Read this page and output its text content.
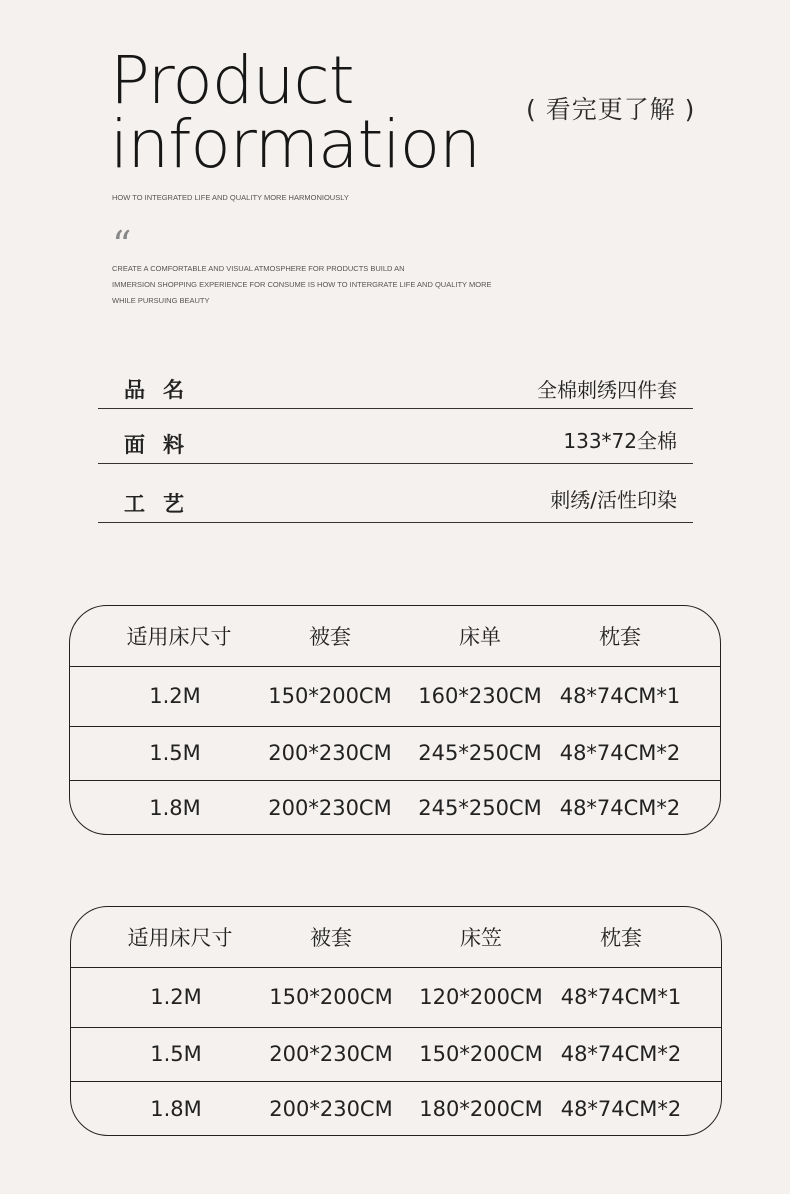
Product
information ( 看完更了解 )
HOW TO INTEGRATED LIFE AND QUALITY MORE HARMONIOUSLY
“
CREATE A COMFORTABLE AND VISUAL ATMOSPHERE FOR PRODUCTS BUILD AN
IMMERSION SHOPPING EXPERIENCE FOR CONSUME IS HOW TO INTERGRATE LIFE AND QUALITY MORE
WHILE PURSUING BEAUTY
品名	全棉刺绣四件套
面料	133*72全棉
工艺	刺绣/活性印染
适用床尺寸	被套	床单	枕套
1.2M	150*200CM	160*230CM 48*74CM*1
1.5M	200*230CM	245*250CM 48*74CM*2
1.8M	200*230CM	245*250CM 48*74CM*2
适用床尺寸	被套	床笠	枕套
1.2M	150*200CM	120*200CM 48*74CM*1
1.5M	200*230CM	150*200CM 48*74CM*2
1.8M	200*230CM	180*200CM 48*74CM*2
